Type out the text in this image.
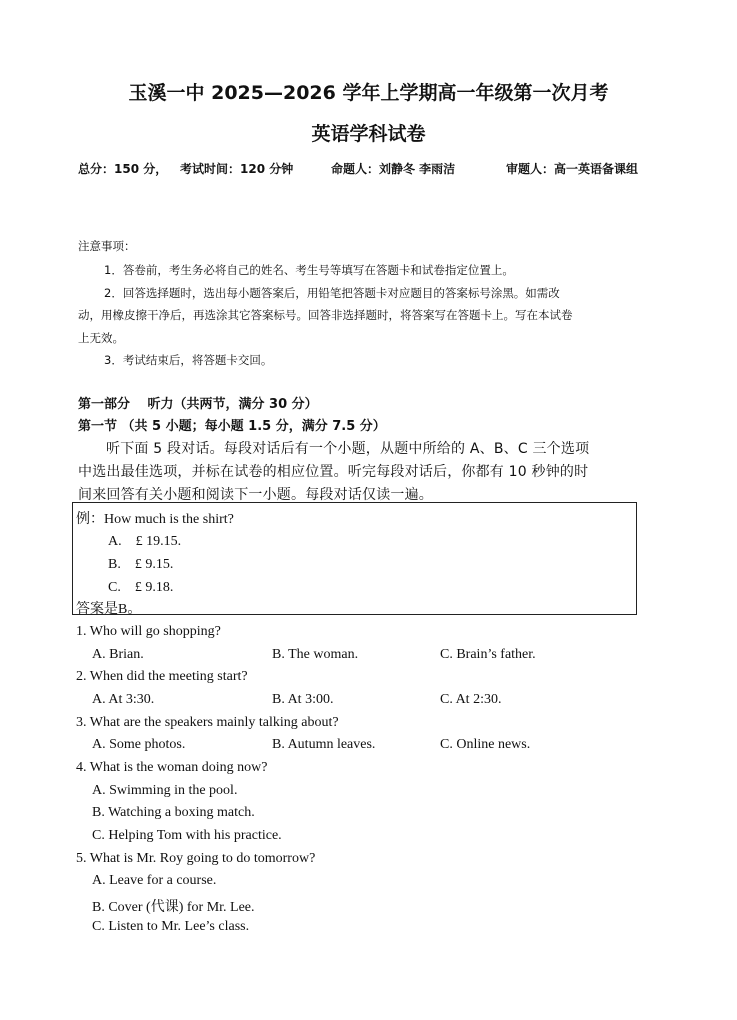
玉溪一中 2025—2026 学年上学期高一年级第一次月考
英语学科试卷
总分：150 分， 考试时间：120 分钟	命题人：刘静冬 李雨洁	审题人：高一英语备课组
注意事项：
1．答卷前，考生务必将自己的姓名、考生号等填写在答题卡和试卷指定位置上。
2．回答选择题时，选出每小题答案后，用铅笔把答题卡对应题目的答案标号涂黑。如需改
动，用橡皮擦干净后，再选涂其它答案标号。回答非选择题时，将答案写在答题卡上。写在本试卷
上无效。
3．考试结束后，将答题卡交回。
第一部分　 听力（共两节，满分 30 分）
第一节 （共 5 小题；每小题 1.5 分，满分 7.5 分）
听下面 5 段对话。每段对话后有一个小题，从题中所给的 A、B、C 三个选项
中选出最佳选项，并标在试卷的相应位置。听完每段对话后，你都有 10 秒钟的时
间来回答有关小题和阅读下一小题。每段对话仅读一遍。
例：How much is the shirt?
A.　£ 19.15.
B.　£ 9.15.
C.　£ 9.18.
答案是B。
1. Who will go shopping?
A. Brian.	B. The woman.	C. Brain’s father.
2. When did the meeting start?
A. At 3:30.	B. At 3:00.	C. At 2:30.
3. What are the speakers mainly talking about?
A. Some photos.	B. Autumn leaves.	C. Online news.
4. What is the woman doing now?
A. Swimming in the pool.
B. Watching a boxing match.
C. Helping Tom with his practice.
5. What is Mr. Roy going to do tomorrow?
A. Leave for a course.
B. Cover (代课) for Mr. Lee.
C. Listen to Mr. Lee’s class.
